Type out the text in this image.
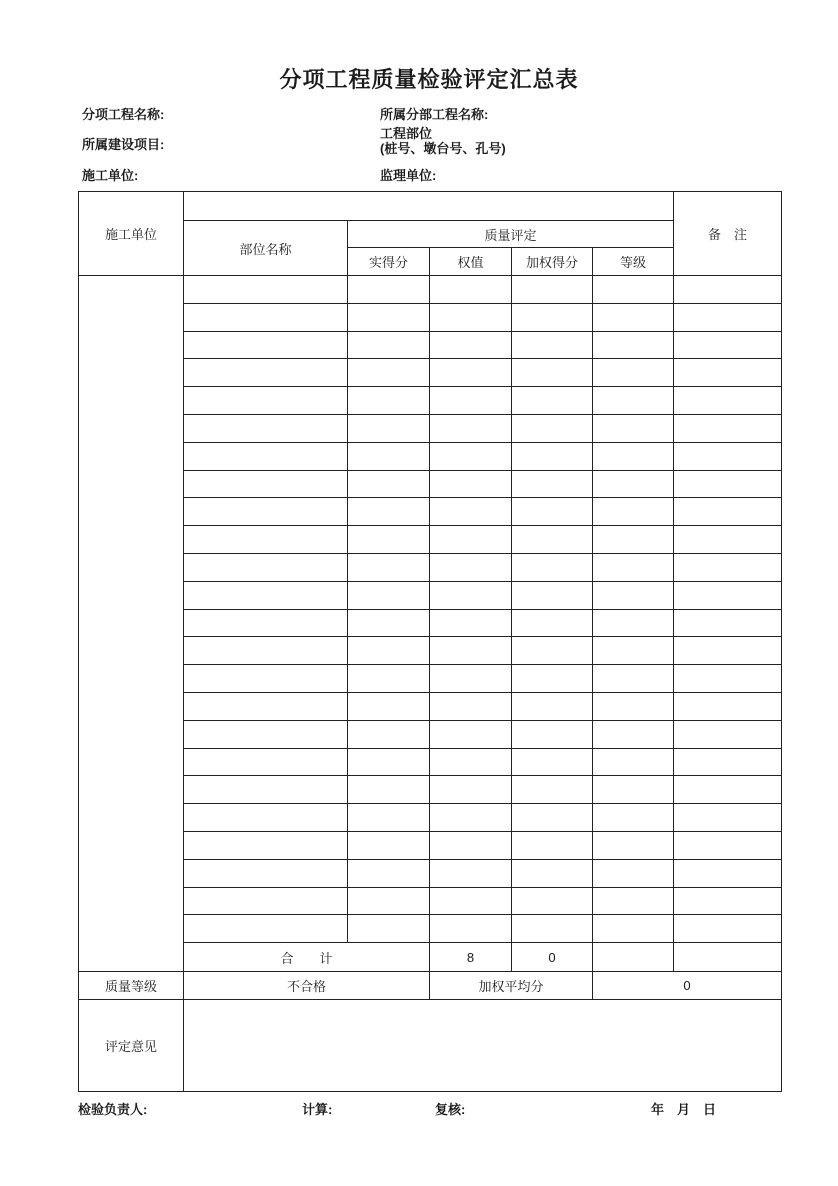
分项工程质量检验评定汇总表
分项工程名称:	所属分部工程名称:
所属建设项目:
工程部位
(桩号、墩台号、孔号)
施工单位:	监理单位:
施工单位						备　注
	部位名称	质量评定				
		实得分	权值	加权得分	等级	

	合　　计		8	0		
质量等级	不合格		加权平均分		0	
评定意见						
检验负责人:	计算:	复核:	年　月　日
